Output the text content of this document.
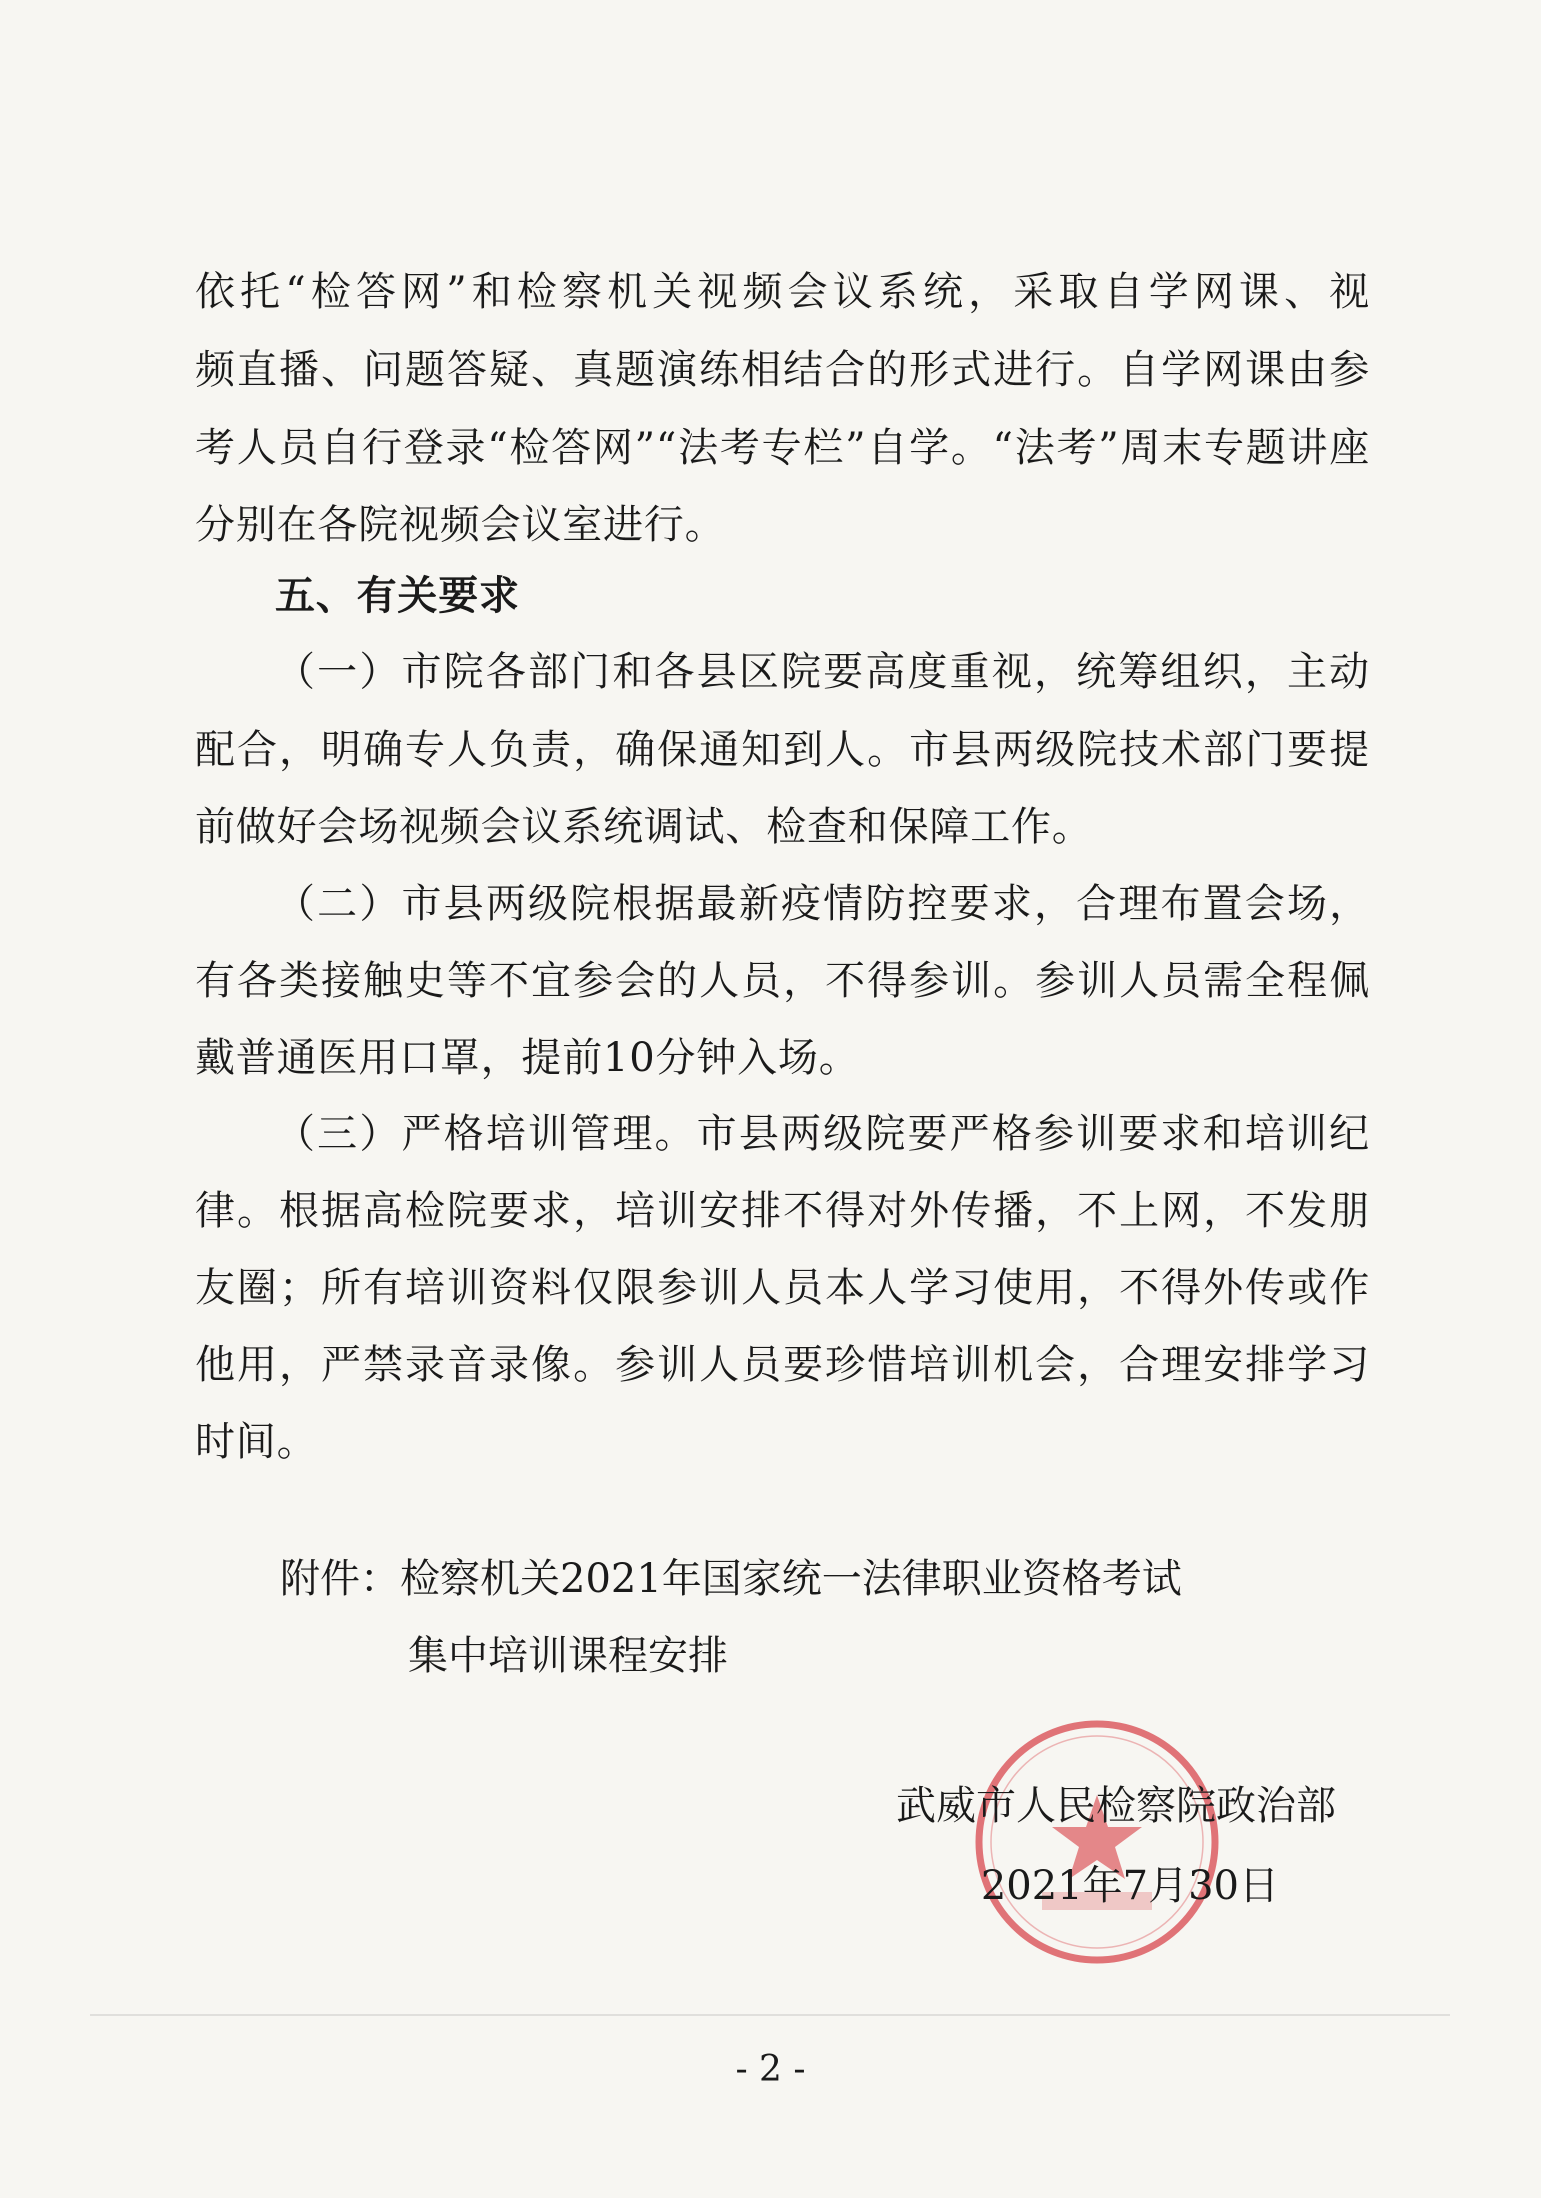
依托“检答网”和检察机关视频会议系统，采取自学网课、视
频直播、问题答疑、真题演练相结合的形式进行。自学网课由参
考人员自行登录“检答网”“法考专栏”自学。“法考”周末专题讲座
分别在各院视频会议室进行。
五、有关要求
（一）市院各部门和各县区院要高度重视，统筹组织，主动
配合，明确专人负责，确保通知到人。市县两级院技术部门要提
前做好会场视频会议系统调试、检查和保障工作。
（二）市县两级院根据最新疫情防控要求，合理布置会场，
有各类接触史等不宜参会的人员，不得参训。参训人员需全程佩
戴普通医用口罩，提前10分钟入场。
（三）严格培训管理。市县两级院要严格参训要求和培训纪
律。根据高检院要求，培训安排不得对外传播，不上网，不发朋
友圈；所有培训资料仅限参训人员本人学习使用，不得外传或作
他用，严禁录音录像。参训人员要珍惜培训机会，合理安排学习
时间。
附件：检察机关2021年国家统一法律职业资格考试
集中培训课程安排
武威市人民检察院政治部
2021年7月30日
- 2 -
